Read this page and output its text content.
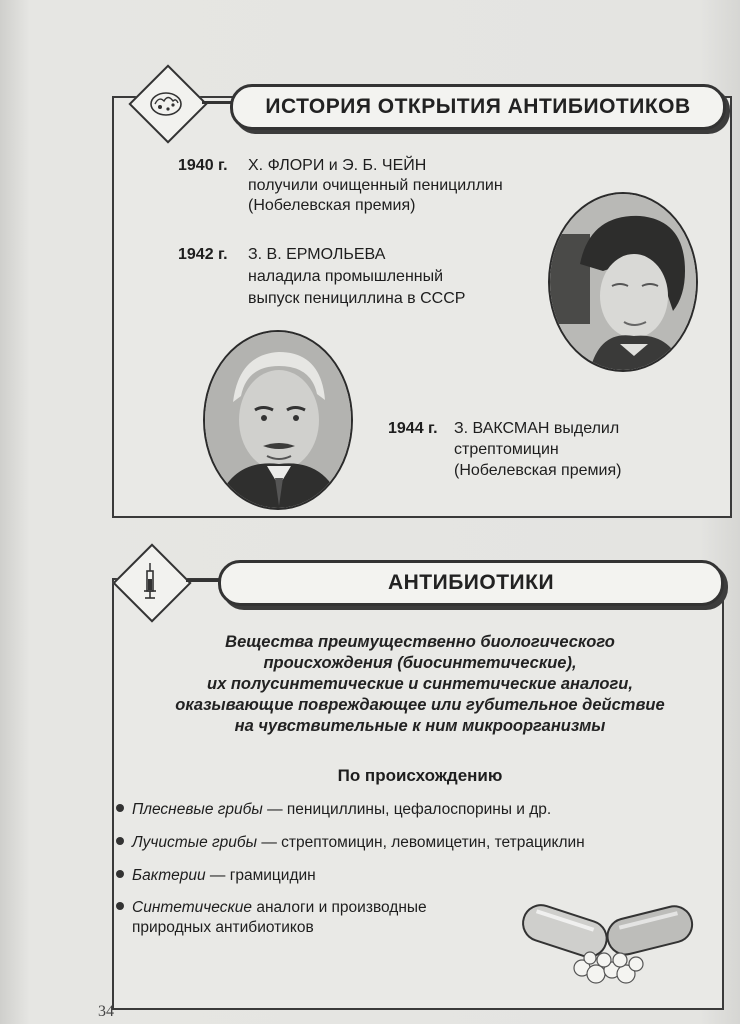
ИСТОРИЯ ОТКРЫТИЯ АНТИБИОТИКОВ
1940 г. Х. ФЛОРИ и Э. Б. ЧЕЙН
получили очищенный пенициллин
(Нобелевская премия)
1942 г. З. В. ЕРМОЛЬЕВА
наладила промышленный
выпуск пенициллина в СССР
1944 г. З. ВАКСМАН выделил
стрептомицин
(Нобелевская премия)
АНТИБИОТИКИ
Вещества преимущественно биологического
происхождения (биосинтетические),
их полусинтетические и синтетические аналоги,
оказывающие повреждающее или губительное действие
на чувствительные к ним микроорганизмы
По происхождению
Плесневые грибы — пенициллины, цефалоспорины и др.
Лучистые грибы — стрептомицин, левомицетин, тетрациклин
Бактерии — грамицидин
Синтетические аналоги и производные
природных антибиотиков
34
